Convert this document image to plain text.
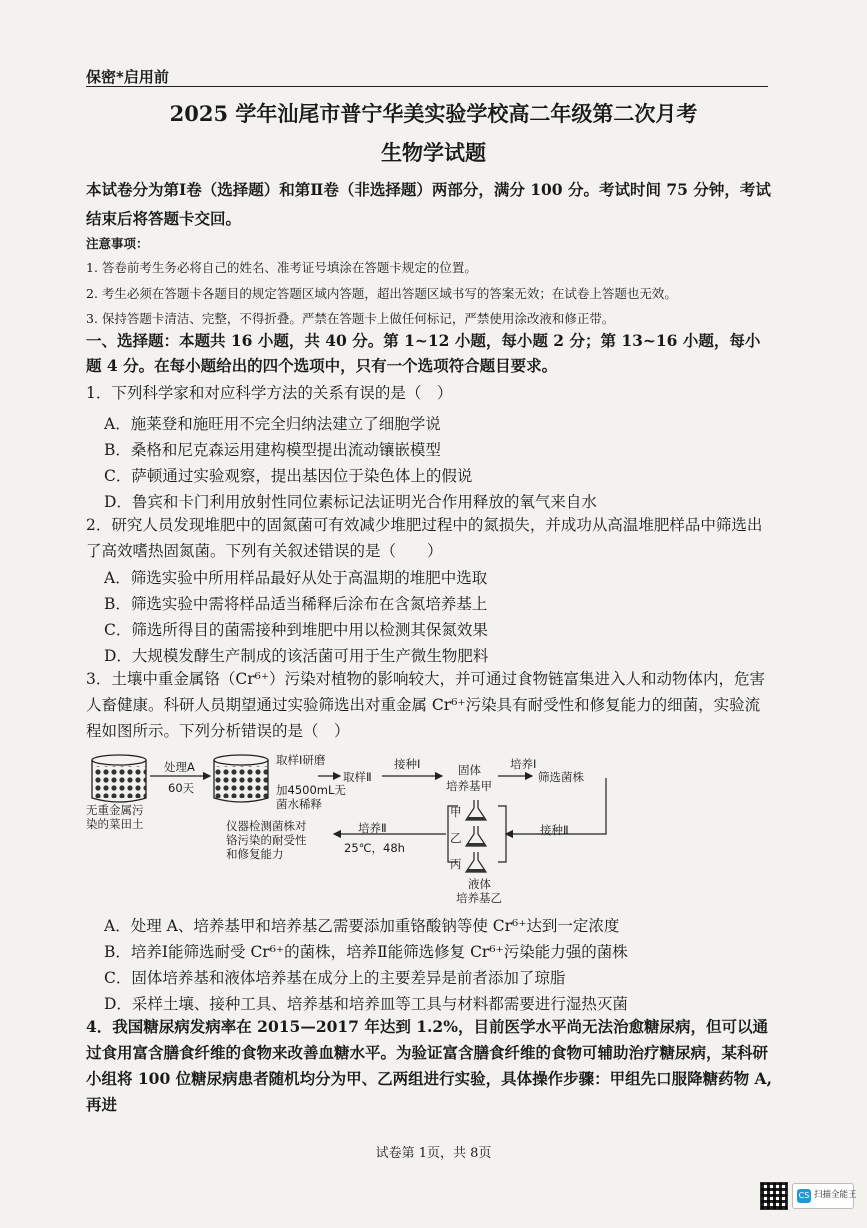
保密*启用前
2025 学年汕尾市普宁华美实验学校高二年级第二次月考
生物学试题
本试卷分为第Ⅰ卷（选择题）和第Ⅱ卷（非选择题）两部分，满分 100 分。考试时间 75 分钟，考试结束后将答题卡交回。
注意事项：
1. 答卷前考生务必将自己的姓名、准考证号填涂在答题卡规定的位置。
2. 考生必须在答题卡各题目的规定答题区域内答题，超出答题区域书写的答案无效；在试卷上答题也无效。
3. 保持答题卡清洁、完整，不得折叠。严禁在答题卡上做任何标记，严禁使用涂改液和修正带。
一、选择题：本题共 16 小题，共 40 分。第 1~12 小题，每小题 2 分；第 13~16 小题，每小题 4 分。在每小题给出的四个选项中，只有一个选项符合题目要求。
1．下列科学家和对应科学方法的关系有误的是（　）
A．施莱登和施旺用不完全归纳法建立了细胞学说
B．桑格和尼克森运用建构模型提出流动镶嵌模型
C．萨顿通过实验观察，提出基因位于染色体上的假说
D．鲁宾和卡门利用放射性同位素标记法证明光合作用释放的氧气来自水
2．研究人员发现堆肥中的固氮菌可有效减少堆肥过程中的氮损失，并成功从高温堆肥样品中筛选出了高效嗜热固氮菌。下列有关叙述错误的是（　　）
A．筛选实验中所用样品最好从处于高温期的堆肥中选取
B．筛选实验中需将样品适当稀释后涂布在含氮培养基上
C．筛选所得目的菌需接种到堆肥中用以检测其保氮效果
D．大规模发酵生产制成的该活菌可用于生产微生物肥料
3．土壤中重金属铬（Cr⁶⁺）污染对植物的影响较大，并可通过食物链富集进入人和动物体内，危害人畜健康。科研人员期望通过实验筛选出对重金属 Cr⁶⁺污染具有耐受性和修复能力的细菌，实验流程如图所示。下列分析错误的是（　）
无重金属污
染的菜田土
处理A
60天
取样Ⅰ研磨
加4500mL无
菌水稀释
取样Ⅱ
接种Ⅰ	固体
培养基甲
培养Ⅰ
筛选菌株
接种Ⅱ
甲
乙
丙
液体
培养基乙
培养Ⅱ
25℃，48h
仪器检测菌株对
铬污染的耐受性
和修复能力
A．处理 A、培养基甲和培养基乙需要添加重铬酸钠等使 Cr⁶⁺达到一定浓度
B．培养Ⅰ能筛选耐受 Cr⁶⁺的菌株，培养Ⅱ能筛选修复 Cr⁶⁺污染能力强的菌株
C．固体培养基和液体培养基在成分上的主要差异是前者添加了琼脂
D．采样土壤、接种工具、培养基和培养皿等工具与材料都需要进行湿热灭菌
4．我国糖尿病发病率在 2015—2017 年达到 1.2%，目前医学水平尚无法治愈糖尿病，但可以通过食用富含膳食纤维的食物来改善血糖水平。为验证富含膳食纤维的食物可辅助治疗糖尿病，某科研小组将 100 位糖尿病患者随机均分为甲、乙两组进行实验，具体操作步骤：甲组先口服降糖药物 A,再进
试卷第 1页，共 8页
CS 扫描全能王
